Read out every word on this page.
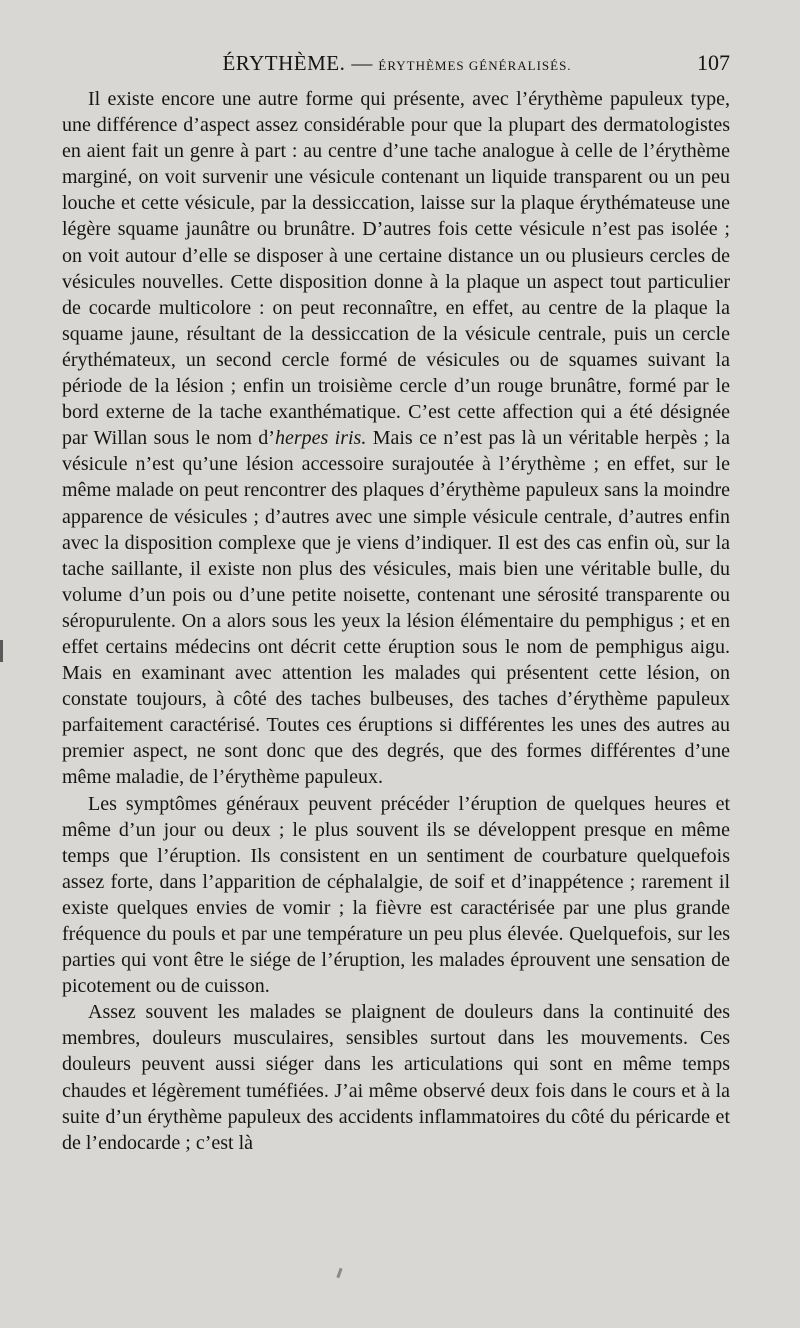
ÉRYTHÈME. — ÉRYTHÈMES GÉNÉRALISÉS.	107

Il existe encore une autre forme qui présente, avec l’érythème papuleux type, une différence d’aspect assez considérable pour que la plupart des dermatologistes en aient fait un genre à part : au centre d’une tache analogue à celle de l’érythème marginé, on voit survenir une vésicule contenant un liquide transparent ou un peu louche et cette vésicule, par la dessiccation, laisse sur la plaque érythémateuse une légère squame jaunâtre ou brunâtre. D’autres fois cette vésicule n’est pas isolée ; on voit autour d’elle se disposer à une certaine distance un ou plusieurs cercles de vésicules nouvelles. Cette disposition donne à la plaque un aspect tout particulier de cocarde multicolore : on peut reconnaître, en effet, au centre de la plaque la squame jaune, résultant de la dessiccation de la vésicule centrale, puis un cercle érythémateux, un second cercle formé de vésicules ou de squames suivant la période de la lésion ; enfin un troisième cercle d’un rouge brunâtre, formé par le bord externe de la tache exanthématique. C’est cette affection qui a été désignée par Willan sous le nom d’herpes iris. Mais ce n’est pas là un véritable herpès ; la vésicule n’est qu’une lésion accessoire surajoutée à l’érythème ; en effet, sur le même malade on peut rencontrer des plaques d’érythème papuleux sans la moindre apparence de vésicules ; d’autres avec une simple vésicule centrale, d’autres enfin avec la disposition complexe que je viens d’indiquer. Il est des cas enfin où, sur la tache saillante, il existe non plus des vésicules, mais bien une véritable bulle, du volume d’un pois ou d’une petite noisette, contenant une sérosité transparente ou séropurulente. On a alors sous les yeux la lésion élémentaire du pemphigus ; et en effet certains médecins ont décrit cette éruption sous le nom de pemphigus aigu. Mais en examinant avec attention les malades qui présentent cette lésion, on constate toujours, à côté des taches bulbeuses, des taches d’érythème papuleux parfaitement caractérisé. Toutes ces éruptions si différentes les unes des autres au premier aspect, ne sont donc que des degrés, que des formes différentes d’une même maladie, de l’érythème papuleux.

Les symptômes généraux peuvent précéder l’éruption de quelques heures et même d’un jour ou deux ; le plus souvent ils se développent presque en même temps que l’éruption. Ils consistent en un sentiment de courbature quelquefois assez forte, dans l’apparition de céphalalgie, de soif et d’inappétence ; rarement il existe quelques envies de vomir ; la fièvre est caractérisée par une plus grande fréquence du pouls et par une température un peu plus élevée. Quelquefois, sur les parties qui vont être le siége de l’éruption, les malades éprouvent une sensation de picotement ou de cuisson.

Assez souvent les malades se plaignent de douleurs dans la continuité des membres, douleurs musculaires, sensibles surtout dans les mouvements. Ces douleurs peuvent aussi siéger dans les articulations qui sont en même temps chaudes et légèrement tuméfiées. J’ai même observé deux fois dans le cours et à la suite d’un érythème papuleux des accidents inflammatoires du côté du péricarde et de l’endocarde ; c’est là
